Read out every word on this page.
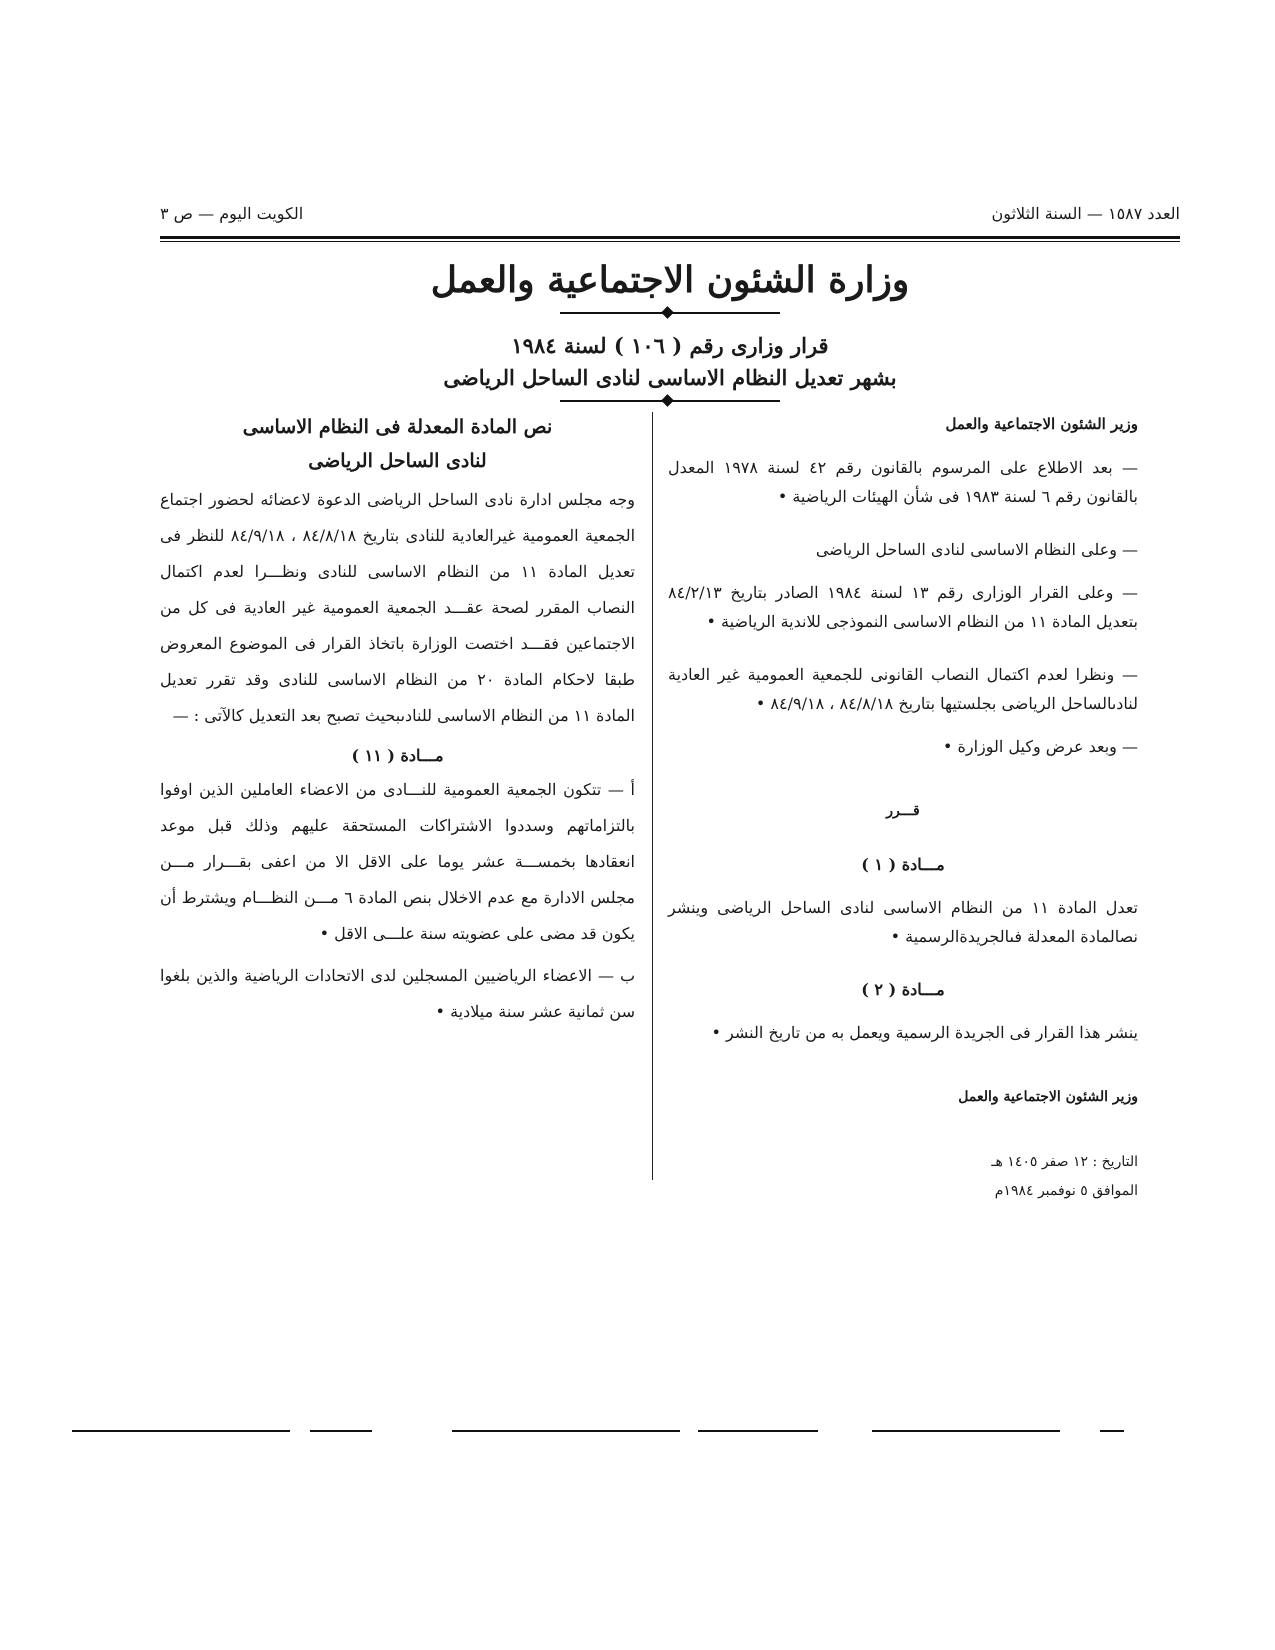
العدد ١٥٨٧ — السنة الثلاثون
الكويت اليوم — ص ٣
وزارة الشئون الاجتماعية والعمل
قرار وزارى رقم ( ١٠٦ ) لسنة ١٩٨٤
بشهر تعديل النظام الاساسى لنادى الساحل الرياضى

وزير الشئون الاجتماعية والعمل

— بعد الاطلاع على المرسوم بالقانون رقم ٤٢ لسنة ١٩٧٨ المعدل بالقانون رقم ٦ لسنة ١٩٨٣ فى شأن الهيئات الرياضية •

— وعلى النظام الاساسى لنادى الساحل الرياضى

— وعلى القرار الوزارى رقم ١٣ لسنة ١٩٨٤ الصادر بتاريخ ٨٤/٢/١٣ بتعديل المادة ١١ من النظام الاساسى النموذجى للاندية الرياضية •

— ونظرا لعدم اكتمال النصاب القانونى للجمعية العمومية غير العادية لنادىالساحل الرياضى بجلستيها بتاريخ ٨٤/٨/١٨ ، ٨٤/٩/١٨ •

— وبعد عرض وكيل الوزارة •

قـــرر

مـــادة ( ١ )

تعدل المادة ١١ من النظام الاساسى لنادى الساحل الرياضى وينشر نصالمادة المعدلة فىالجريدةالرسمية •

مـــادة ( ٢ )

ينشر هذا القرار فى الجريدة الرسمية ويعمل به من تاريخ النشر •

وزير الشئون الاجتماعية والعمل

التاريخ : ١٢ صفر ١٤٠٥ هـ

الموافق ٥ نوفمبر ١٩٨٤م

نص المادة المعدلة فى النظام الاساسى

لنادى الساحل الرياضى

وجه مجلس ادارة نادى الساحل الرياضى الدعوة لاعضائه لحضور اجتماع الجمعية العمومية غيرالعادية للنادى بتاريخ ٨٤/٨/١٨ ، ٨٤/٩/١٨ للنظر فى تعديل المادة ١١ من النظام الاساسى للنادى ونظـــرا لعدم اكتمال النصاب المقرر لصحة عقـــد الجمعية العمومية غير العادية فى كل من الاجتماعين فقـــد اختصت الوزارة باتخاذ القرار فى الموضوع المعروض طبقا لاحكام المادة ٢٠ من النظام الاساسى للنادى وقد تقرر تعديل المادة ١١ من النظام الاساسى للنادىبحيث تصبح بعد التعديل كالآتى : —

مـــادة ( ١١ )

أ — تتكون الجمعية العمومية للنـــادى من الاعضاء العاملين الذين اوفوا بالتزاماتهم وسددوا الاشتراكات المستحقة عليهم وذلك قبل موعد انعقادها بخمســـة عشر يوما على الاقل الا من اعفى بقـــرار مـــن مجلس الادارة مع عدم الاخلال بنص المادة ٦ مـــن النظـــام ويشترط أن يكون قد مضى على عضويته سنة علـــى الاقل •

ب — الاعضاء الرياضيين المسجلين لدى الاتحادات الرياضية والذين بلغوا سن ثمانية عشر سنة ميلادية •
